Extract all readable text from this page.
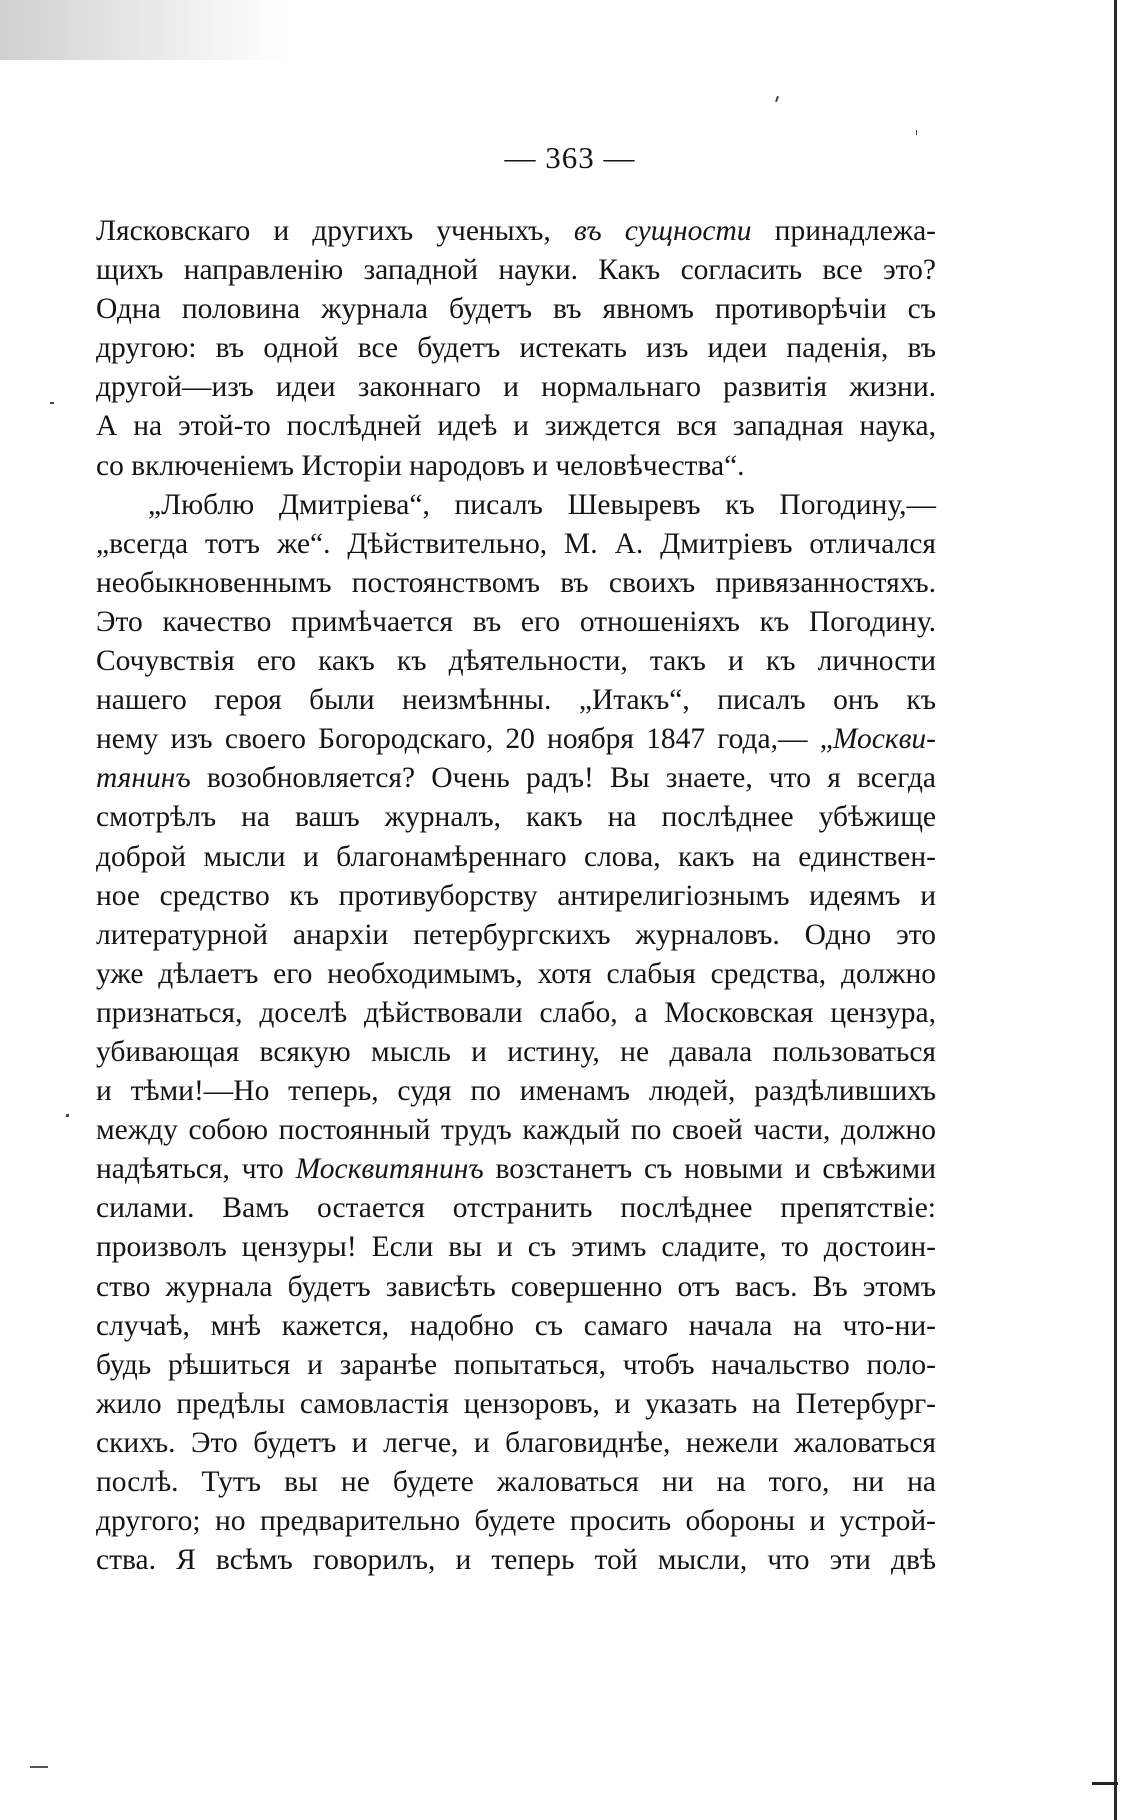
— 363 —
Лясковскаго и другихъ ученыхъ, въ сущности принадлежа-
щихъ направленію западной науки. Какъ согласить все это?
Одна половина журнала будетъ въ явномъ противорѣчіи съ
другою: въ одной все будетъ истекать изъ идеи паденія, въ
другой—изъ идеи законнаго и нормальнаго развитія жизни.
А на этой-то послѣдней идеѣ и зиждется вся западная наука,
со включеніемъ Исторіи народовъ и человѣчества“.
„Люблю Дмитріева“, писалъ Шевыревъ къ Погодину,—
„всегда тотъ же“. Дѣйствительно, М. А. Дмитріевъ отличался
необыкновеннымъ постоянствомъ въ своихъ привязанностяхъ.
Это качество примѣчается въ его отношеніяхъ къ Погодину.
Сочувствія его какъ къ дѣятельности, такъ и къ личности
нашего героя были неизмѣнны. „Итакъ“, писалъ онъ къ
нему изъ своего Богородскаго, 20 ноября 1847 года,— „Москви-
тянинъ возобновляется? Очень радъ! Вы знаете, что я всегда
смотрѣлъ на вашъ журналъ, какъ на послѣднее убѣжище
доброй мысли и благонамѣреннаго слова, какъ на единствен-
ное средство къ противуборству антирелигіознымъ идеямъ и
литературной анархіи петербургскихъ журналовъ. Одно это
уже дѣлаетъ его необходимымъ, хотя слабыя средства, должно
признаться, доселѣ дѣйствовали слабо, а Московская цензура,
убивающая всякую мысль и истину, не давала пользоваться
и тѣми!—Но теперь, судя по именамъ людей, раздѣлившихъ
между собою постоянный трудъ каждый по своей части, должно
надѣяться, что Москвитянинъ возстанетъ съ новыми и свѣжими
силами. Вамъ остается отстранить послѣднее препятствіе:
произволъ цензуры! Если вы и съ этимъ сладите, то достоин-
ство журнала будетъ зависѣть совершенно отъ васъ. Въ этомъ
случаѣ, мнѣ кажется, надобно съ самаго начала на что-ни-
будь рѣшиться и заранѣе попытаться, чтобъ начальство поло-
жило предѣлы самовластія цензоровъ, и указать на Петербург-
скихъ. Это будетъ и легче, и благовиднѣе, нежели жаловаться
послѣ. Тутъ вы не будете жаловаться ни на того, ни на
другого; но предварительно будете просить обороны и устрой-
ства. Я всѣмъ говорилъ, и теперь той мысли, что эти двѣ
